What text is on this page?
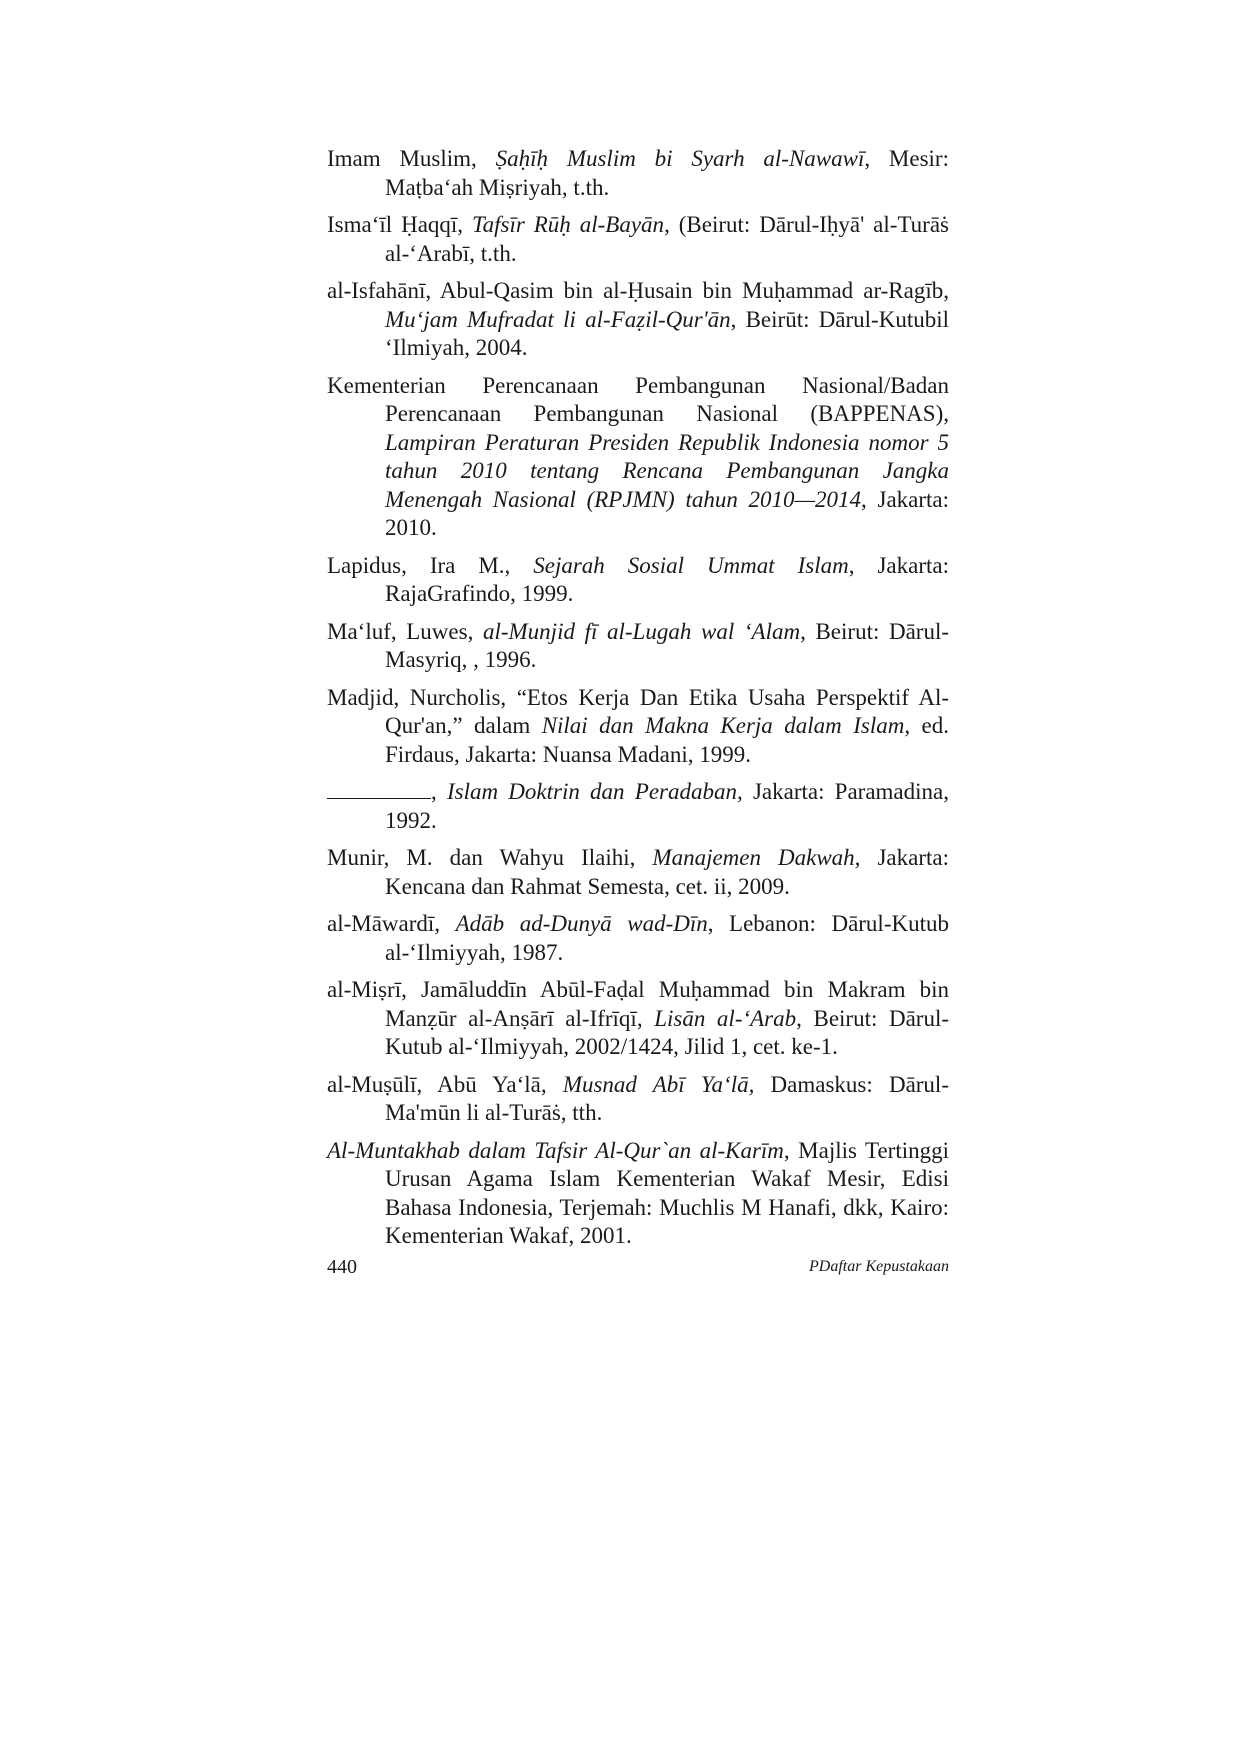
Imam Muslim, Ṣaḥīḥ Muslim bi Syarh al-Nawawī, Mesir: Maṭba‘ah Miṣriyah, t.th.

Isma‘īl Ḥaqqī, Tafsīr Rūḥ al-Bayān, (Beirut: Dārul-Iḥyā' al-Turāṡ al-‘Arabī, t.th.

al-Isfahānī, Abul-Qasim bin al-Ḥusain bin Muḥammad ar-Ragīb, Mu‘jam Mufradat li al-Faẓil-Qur'ān, Beirūt: Dārul-Kutubil ‘Ilmiyah, 2004.

Kementerian Perencanaan Pembangunan Nasional/Badan Perencanaan Pembangunan Nasional (BAPPENAS), Lampiran Peraturan Presiden Republik Indonesia nomor 5 tahun 2010 tentang Rencana Pembangunan Jangka Menengah Nasional (RPJMN) tahun 2010—2014, Jakarta: 2010.

Lapidus, Ira M., Sejarah Sosial Ummat Islam, Jakarta: RajaGrafindo, 1999.

Ma‘luf, Luwes, al-Munjid fī al-Lugah wal ‘Alam, Beirut: Dārul-Masyriq, , 1996.

Madjid, Nurcholis, “Etos Kerja Dan Etika Usaha Perspektif Al-Qur'an,” dalam Nilai dan Makna Kerja dalam Islam, ed. Firdaus, Jakarta: Nuansa Madani, 1999.

, Islam Doktrin dan Peradaban, Jakarta: Paramadina, 1992.

Munir, M. dan Wahyu Ilaihi, Manajemen Dakwah, Jakarta: Kencana dan Rahmat Semesta, cet. ii, 2009.

al-Māwardī, Adāb ad-Dunyā wad-Dīn, Lebanon: Dārul-Kutub al-‘Ilmiyyah, 1987.

al-Miṣrī, Jamāluddīn Abūl-Faḍal Muḥammad bin Makram bin Manẓūr al-Anṣārī al-Ifrīqī, Lisān al-‘Arab, Beirut: Dārul-Kutub al-‘Ilmiyyah, 2002/1424, Jilid 1, cet. ke-1.

al-Muṣūlī, Abū Ya‘lā, Musnad Abī Ya‘lā, Damaskus: Dārul-Ma'mūn li al-Turāṡ, tth.

Al-Muntakhab dalam Tafsir Al-Qur`an al-Karīm, Majlis Tertinggi Urusan Agama Islam Kementerian Wakaf Mesir, Edisi Bahasa Indonesia, Terjemah: Muchlis M Hanafi, dkk, Kairo: Kementerian Wakaf, 2001.

440	PDaftar Kepustakaan
